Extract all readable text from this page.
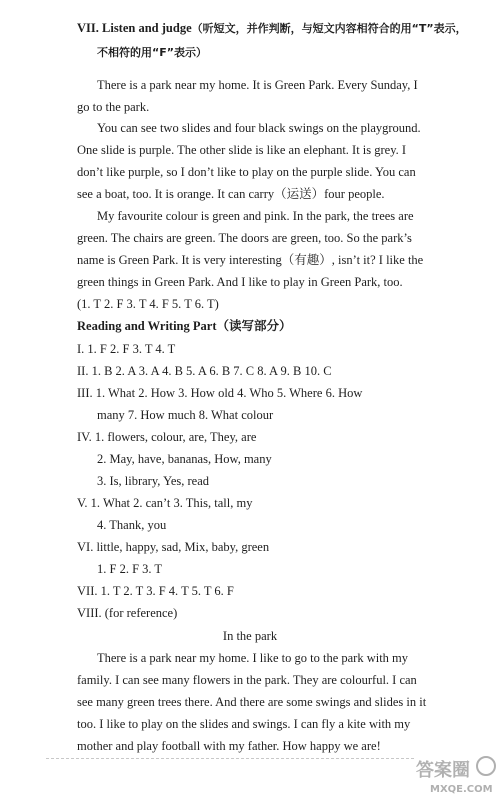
VII. Listen and judge（听短文，并作判断，与短文内容相符合的用“T”表示，
不相符的用“F”表示）
There is a park near my home. It is Green Park. Every Sunday, I
go to the park.
You can see two slides and four black swings on the playground.
One slide is purple. The other slide is like an elephant. It is grey. I
don’t like purple, so I don’t like to play on the purple slide. You can
see a boat, too. It is orange. It can carry（运送）four people.
My favourite colour is green and pink. In the park, the trees are
green. The chairs are green. The doors are green, too. So the park’s
name is Green Park. It is very interesting（有趣）, isn’t it? I like the
green things in Green Park. And I like to play in Green Park, too.
(1. T 2. F 3. T 4. F 5. T 6. T)
Reading and Writing Part（读写部分）
I. 1. F 2. F 3. T 4. T
II. 1. B 2. A 3. A 4. B 5. A 6. B 7. C 8. A 9. B 10. C
III. 1. What 2. How 3. How old 4. Who 5. Where 6. How
many 7. How much 8. What colour
IV. 1. flowers, colour, are, They, are
2. May, have, bananas, How, many
3. Is, library, Yes, read
V. 1. What 2. can’t 3. This, tall, my
4. Thank, you
VI. little, happy, sad, Mix, baby, green
1. F 2. F 3. T
VII. 1. T 2. T 3. F 4. T 5. T 6. F
VIII. (for reference)
In the park
There is a park near my home. I like to go to the park with my
family. I can see many flowers in the park. They are colourful. I can
see many green trees there. And there are some swings and slides in it
too. I like to play on the slides and swings. I can fly a kite with my
mother and play football with my father. How happy we are!
答案圈
MXQE.COM
